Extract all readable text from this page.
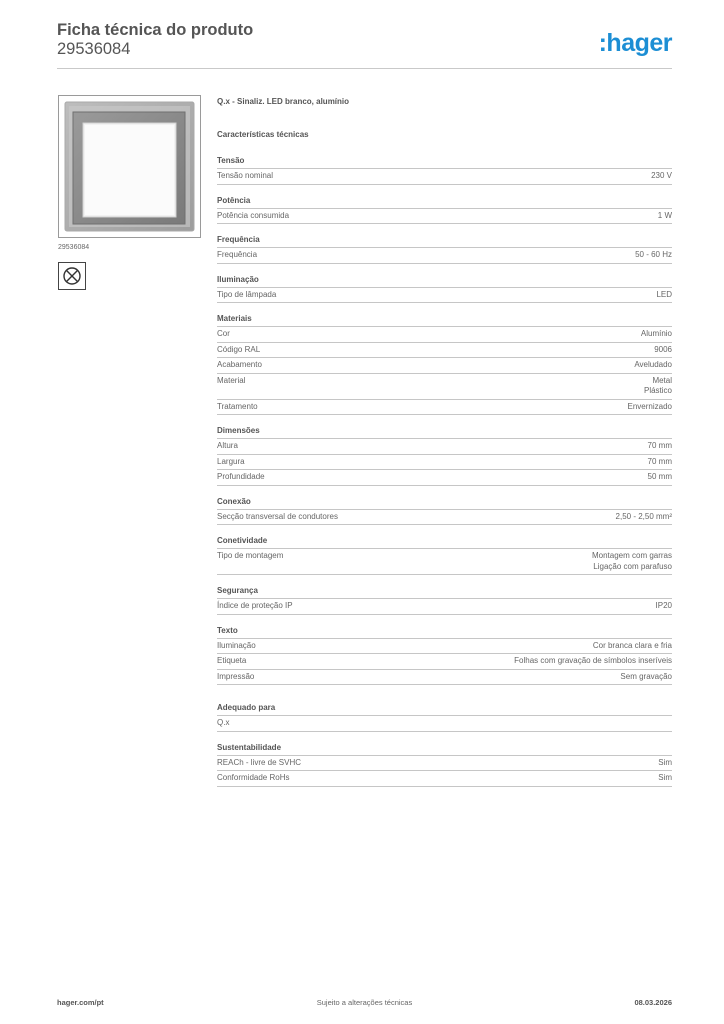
Ficha técnica do produto
29536084	:hager
29536084
Q.x - Sinaliz. LED branco, alumínio
Características técnicas
Tensão
Tensão nominal	230 V
Potência
Potência consumida	1 W
Frequência
Frequência	50 - 60 Hz
Iluminação
Tipo de lâmpada	LED
Materiais
Cor	Alumínio
Código RAL	9006
Acabamento	Aveludado
Material	Metal
Plástico
Tratamento	Envernizado
Dimensões
Altura	70 mm
Largura	70 mm
Profundidade	50 mm
Conexão
Secção transversal de condutores	2,50 - 2,50 mm²
Conetividade
Tipo de montagem	Montagem com garras
Ligação com parafuso
Segurança
Índice de proteção IP	IP20
Texto
Iluminação	Cor branca clara e fria
Etiqueta	Folhas com gravação de símbolos inseríveis
Impressão	Sem gravação
Adequado para
Q.x
Sustentabilidade
REACh - livre de SVHC	Sim
Conformidade RoHs	Sim
hager.com/pt	Sujeito a alterações técnicas	08.03.2026
